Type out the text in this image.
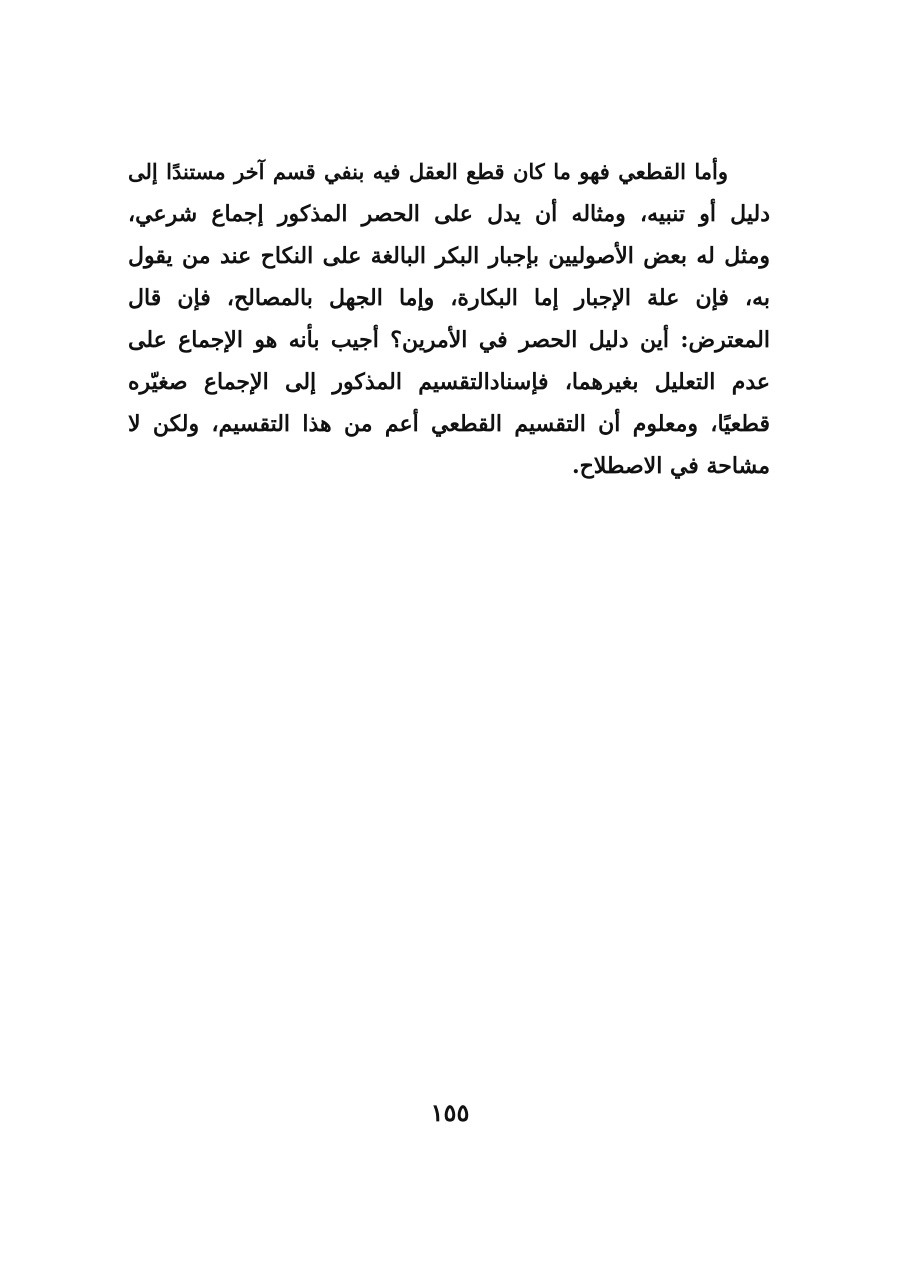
وأما القطعي فهو ما كان قطع العقل فيه بنفي قسم آخر مستندًا إلى
دليل أو تنبيه، ومثاله أن يدل على الحصر المذكور إجماع شرعي،
ومثل له بعض الأصوليين بإجبار البكر البالغة على النكاح عند من يقول
به، فإن علة الإجبار إما البكارة، وإما الجهل بالمصالح، فإن قال
المعترض: أين دليل الحصر في الأمرين؟ أجيب بأنه هو الإجماع على
عدم التعليل بغيرهما، فإسنادالتقسيم المذكور إلى الإجماع صغيّره
قطعيًا، ومعلوم أن التقسيم القطعي أعم من هذا التقسيم، ولكن لا
مشاحة في الاصطلاح.
١٥٥
